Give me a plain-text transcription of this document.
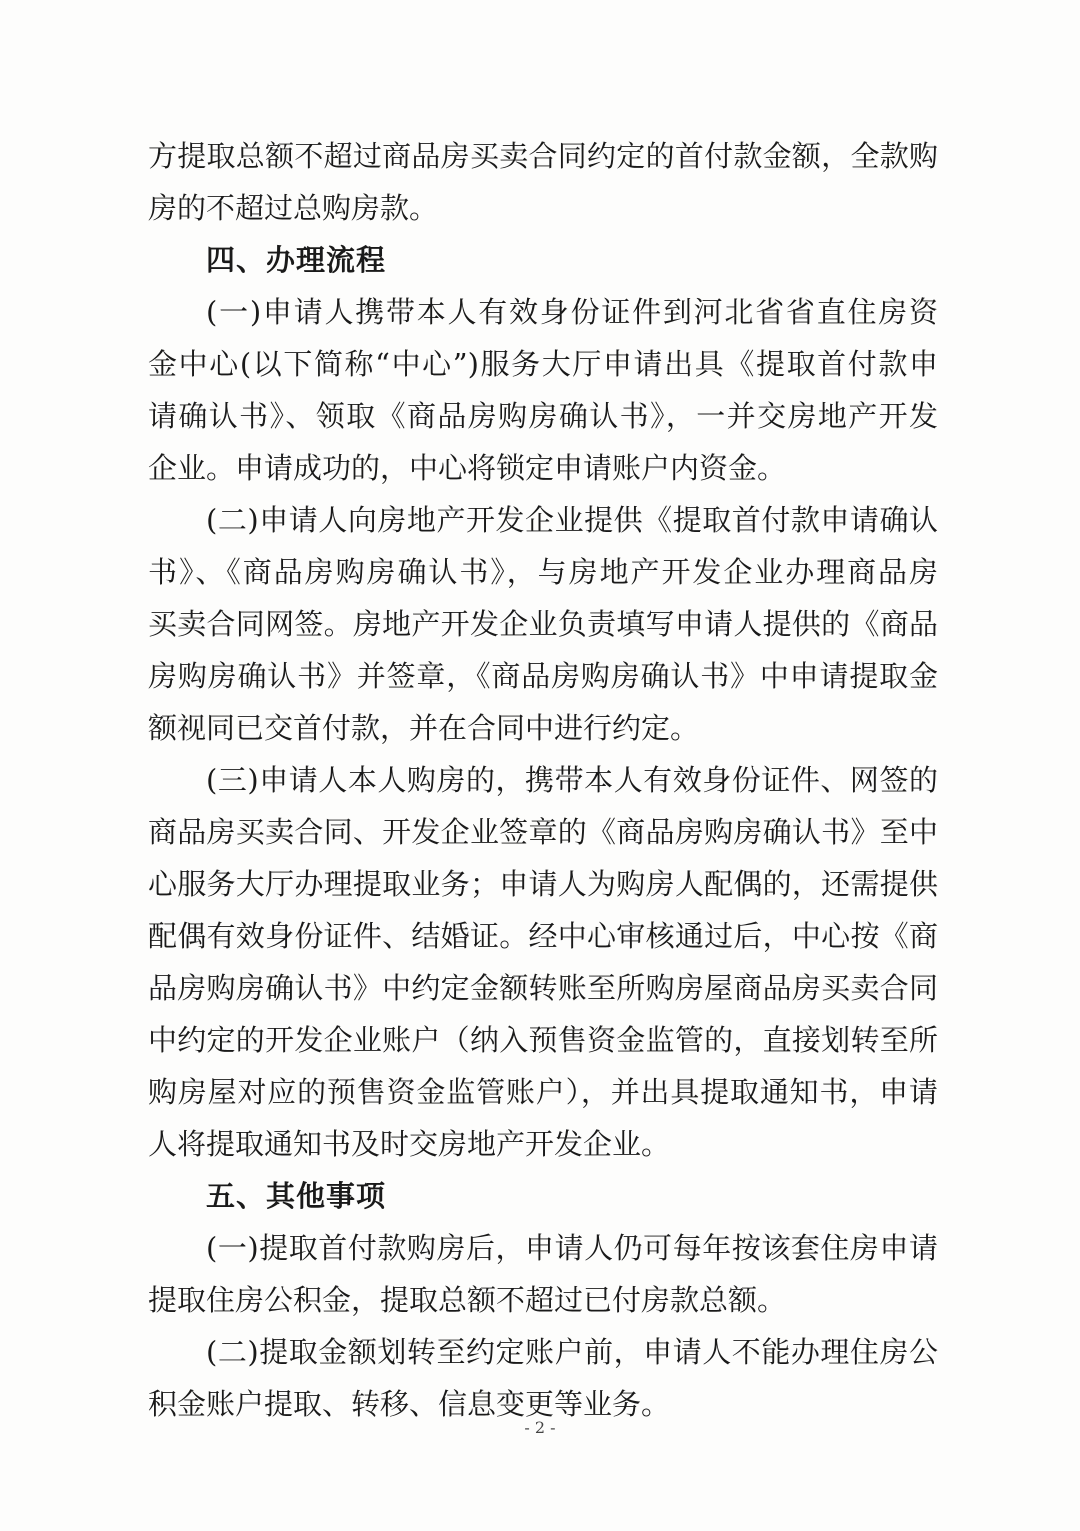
方提取总额不超过商品房买卖合同约定的首付款金额，全款购
房的不超过总购房款。
四、办理流程
(一)申请人携带本人有效身份证件到河北省省直住房资
金中心(以下简称“中心”)服务大厅申请出具《提取首付款申
请确认书》、领取《商品房购房确认书》，一并交房地产开发
企业。申请成功的，中心将锁定申请账户内资金。
(二)申请人向房地产开发企业提供《提取首付款申请确认
书》、《商品房购房确认书》，与房地产开发企业办理商品房
买卖合同网签。房地产开发企业负责填写申请人提供的《商品
房购房确认书》并签章，《商品房购房确认书》中申请提取金
额视同已交首付款，并在合同中进行约定。
(三)申请人本人购房的，携带本人有效身份证件、网签的
商品房买卖合同、开发企业签章的《商品房购房确认书》至中
心服务大厅办理提取业务；申请人为购房人配偶的，还需提供
配偶有效身份证件、结婚证。经中心审核通过后，中心按《商
品房购房确认书》中约定金额转账至所购房屋商品房买卖合同
中约定的开发企业账户（纳入预售资金监管的，直接划转至所
购房屋对应的预售资金监管账户），并出具提取通知书，申请
人将提取通知书及时交房地产开发企业。
五、其他事项
(一)提取首付款购房后，申请人仍可每年按该套住房申请
提取住房公积金，提取总额不超过已付房款总额。
(二)提取金额划转至约定账户前，申请人不能办理住房公
积金账户提取、转移、信息变更等业务。
- 2 -
